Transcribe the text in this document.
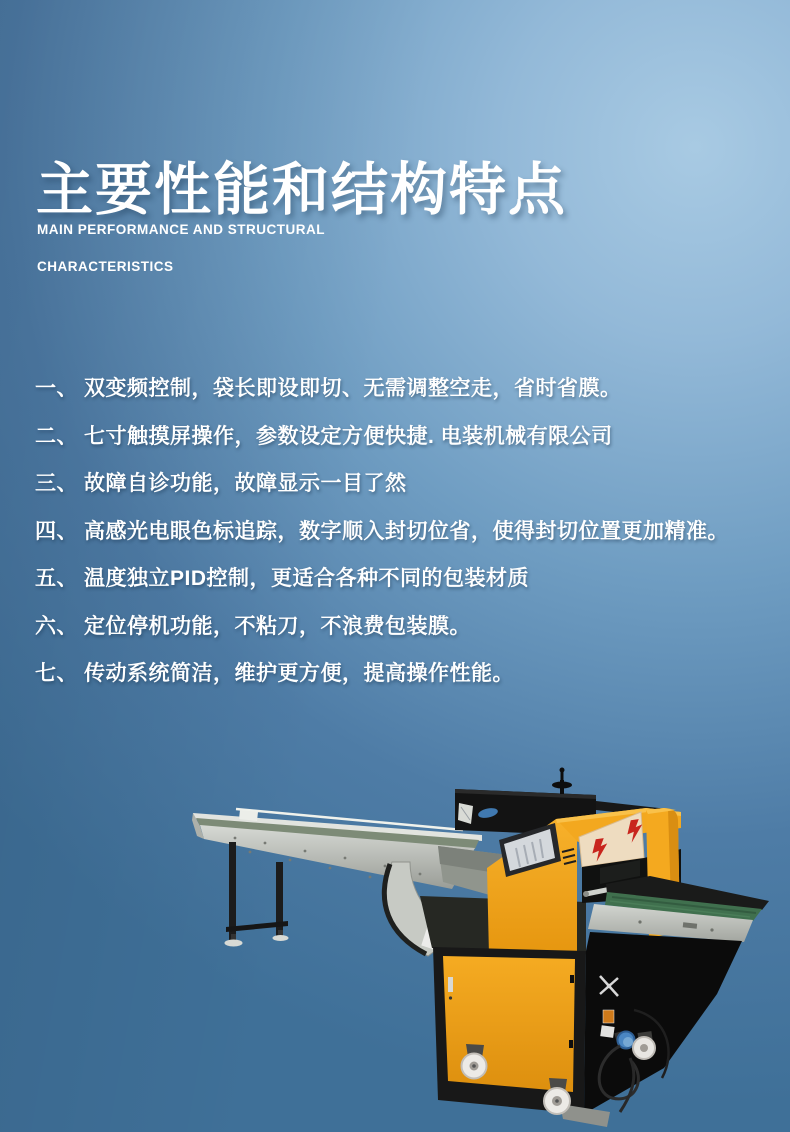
主要性能和结构特点
MAIN PERFORMANCE AND STRUCTURAL
CHARACTERISTICS
一、 双变频控制，袋长即设即切、无需调整空走，省时省膜。
二、 七寸触摸屏操作，参数设定方便快捷. 电装机械有限公司
三、 故障自诊功能，故障显示一目了然
四、 高感光电眼色标追踪，数字顺入封切位省，使得封切位置更加精准。
五、 温度独立PID控制，更适合各种不同的包装材质
六、 定位停机功能，不粘刀，不浪费包装膜。
七、 传动系统简洁，维护更方便，提高操作性能。
